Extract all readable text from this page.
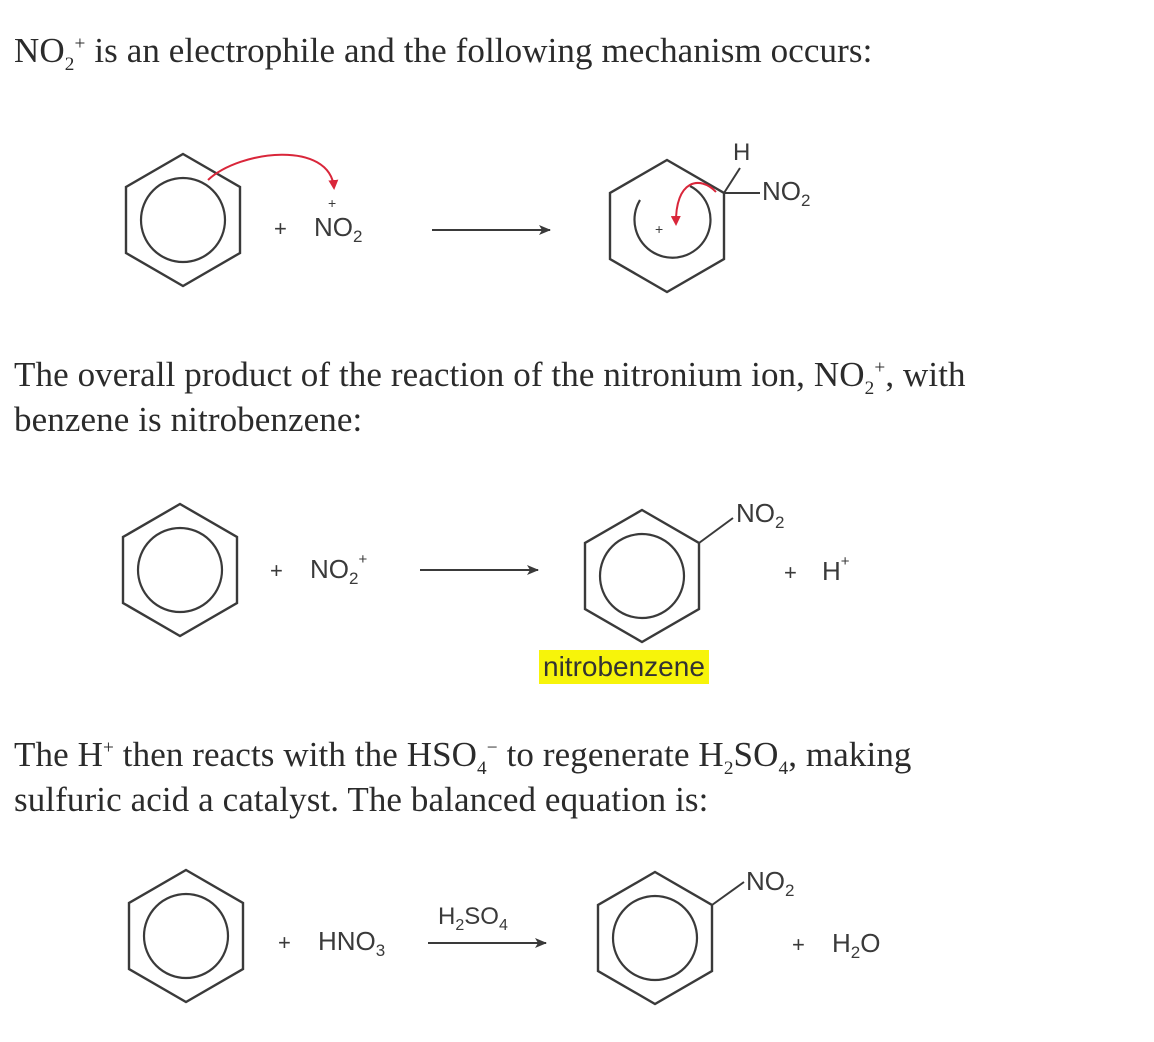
$NO_2^+$ is an electrophile and the following mechanism occurs:

+
+
$NO_2$	+
H
$NO_2$

The overall product of the reaction of the nitronium ion, $NO_2^+$, with
benzene is nitrobenzene:

+ $NO_2^+$
$NO_2$
+ H+
nitrobenzene

The H+ then reacts with the $HSO_4^-$ to regenerate $H_2SO_4$, making
sulfuric acid a catalyst. The balanced equation is:

+ $HNO_3$
$H_2SO_4$
$NO_2$
+ $H_2O$
